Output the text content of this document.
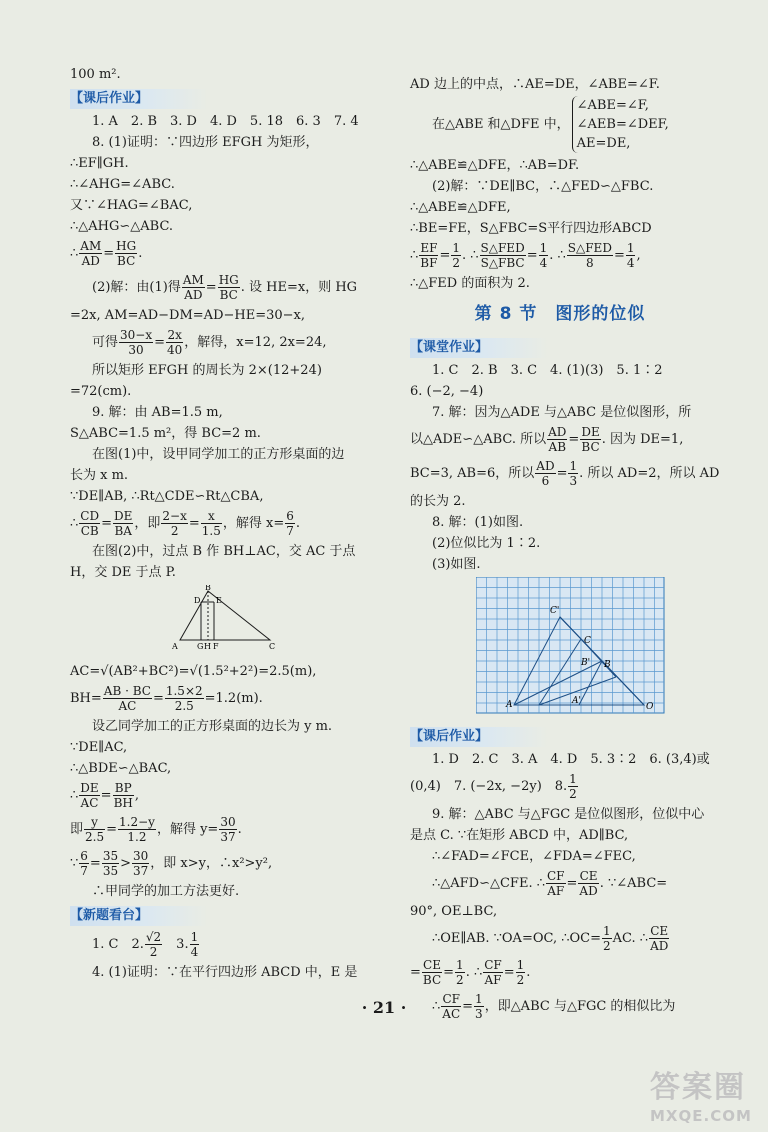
100 m².
【课后作业】
1. A　2. B　3. D　4. D　5. 18　6. 3　7. 4
8. (1)证明：∵四边形 EFGH 为矩形，
∴EF∥GH.
∴∠AHG=∠ABC.
又∵∠HAG=∠BAC,
∴△AHG∽△ABC.
∴ $\frac{AM}{AD} = \frac{HG}{BC}$ .
(2)解：由(1)得 $\frac{AM}{AD} = \frac{HG}{BC}$ . 设 HE=x，则 HG
=2x, AM=AD−DM=AD−HE=30−x,
可得 $\frac{30-x}{30} = \frac{2x}{40}$ ，解得，x=12, 2x=24,
所以矩形 EFGH 的周长为 2×(12+24)
=72(cm).
9. 解：由 AB=1.5 m,
S△ABC=1.5 m²，得 BC=2 m.
在图(1)中，设甲同学加工的正方形桌面的边
长为 x m.
∵DE∥AB, ∴Rt△CDE∽Rt△CBA,
∴ $\frac{CD}{CB} = \frac{DE}{BA}$ ，即 $\frac{2-x}{2} = \frac{x}{1.5}$ ，解得 $x= \frac{6}{7}$ .
在图(2)中，过点 B 作 BH⊥AC，交 AC 于点
H，交 DE 于点 P.
B
D E
A G H F	C
AC=√(AB²+BC²)=√(1.5²+2²)=2.5(m),
$BH= \frac{AB \cdot BC}{AC} = \frac{1.5\times 2}{2.5} =1.2(m)$.
设乙同学加工的正方形桌面的边长为 y m.
∵DE∥AC,
∴△BDE∽△BAC,
∴ $\frac{DE}{AC} = \frac{BP}{BH}$ ,
即 $\frac{y}{2.5} = \frac{1.2-y}{1.2}$ ，解得 $y= \frac{30}{37}$ .
∵ $\frac{6}{7} = \frac{35}{35} > \frac{30}{37}$ ，即 x>y，∴x²>y²,
∴甲同学的加工方法更好.
【新题看台】
1. C　2. $\frac{√2}{2}$ 　3. $\frac{1}{4}$
4. (1)证明：∵在平行四边形 ABCD 中，E 是
AD 边上的中点，∴AE=DE，∠ABE=∠F.
在△ABE 和△DFE 中，
∠ABE=∠F,
∠AEB=∠DEF,
AE=DE,
∴△ABE≌△DFE，∴AB=DF.
(2)解：∵DE∥BC，∴△FED∽△FBC.
∴△ABE≌△DFE,
∴BE=FE，S△FBC=S平行四边形ABCD
∴ $\frac{EF}{BF} = \frac{1}{2}$ . ∴ $\frac{\text{S△FED}}{\text{S△FBC}} = \frac{1}{4}$ . ∴ $\frac{\text{S△FED}}{8} = \frac{1}{4}$ ,
∴△FED 的面积为 2.
第 8 节　图形的位似
【课堂作业】
1. C　2. B　3. C　4. (1)(3)　5. 1∶2
6. (−2, −4)
7. 解：因为△ADE 与△ABC 是位似图形，所
以△ADE∽△ABC. 所以 $\frac{AD}{AB} = \frac{DE}{BC}$ . 因为 DE=1,
BC=3, AB=6，所以 $\frac{AD}{6} = \frac{1}{3}$ . 所以 AD=2，所以 AD
的长为 2.
8. 解：(1)如图.
(2)位似比为 1∶2.
(3)如图.
C'
C
B' B
A	A'
O
【课后作业】
1. D　2. C　3. A　4. D　5. 3∶2　6. (3,4)或
(0,4)　7. (−2x, −2y)　8. $\frac{1}{2}$
9. 解：△ABC 与△FGC 是位似图形，位似中心
是点 C. ∵在矩形 ABCD 中，AD∥BC,
∴∠FAD=∠FCE，∠FDA=∠FEC,
∴△AFD∽△CFE. ∴ $\frac{CF}{AF} = \frac{CE}{AD}$ . ∵∠ABC=
90°, OE⊥BC,
∴OE∥AB. ∵OA=OC, ∴OC= $\frac{1}{2}$ AC. ∴ $\frac{CE}{AD}$
= $\frac{CE}{BC} = \frac{1}{2}$ . ∴ $\frac{CF}{AF} = \frac{1}{2}$ .
∴ $\frac{CF}{AC} = \frac{1}{3}$ ，即△ABC 与△FGC 的相似比为
· 21 ·
答案圈
MXQE.COM
